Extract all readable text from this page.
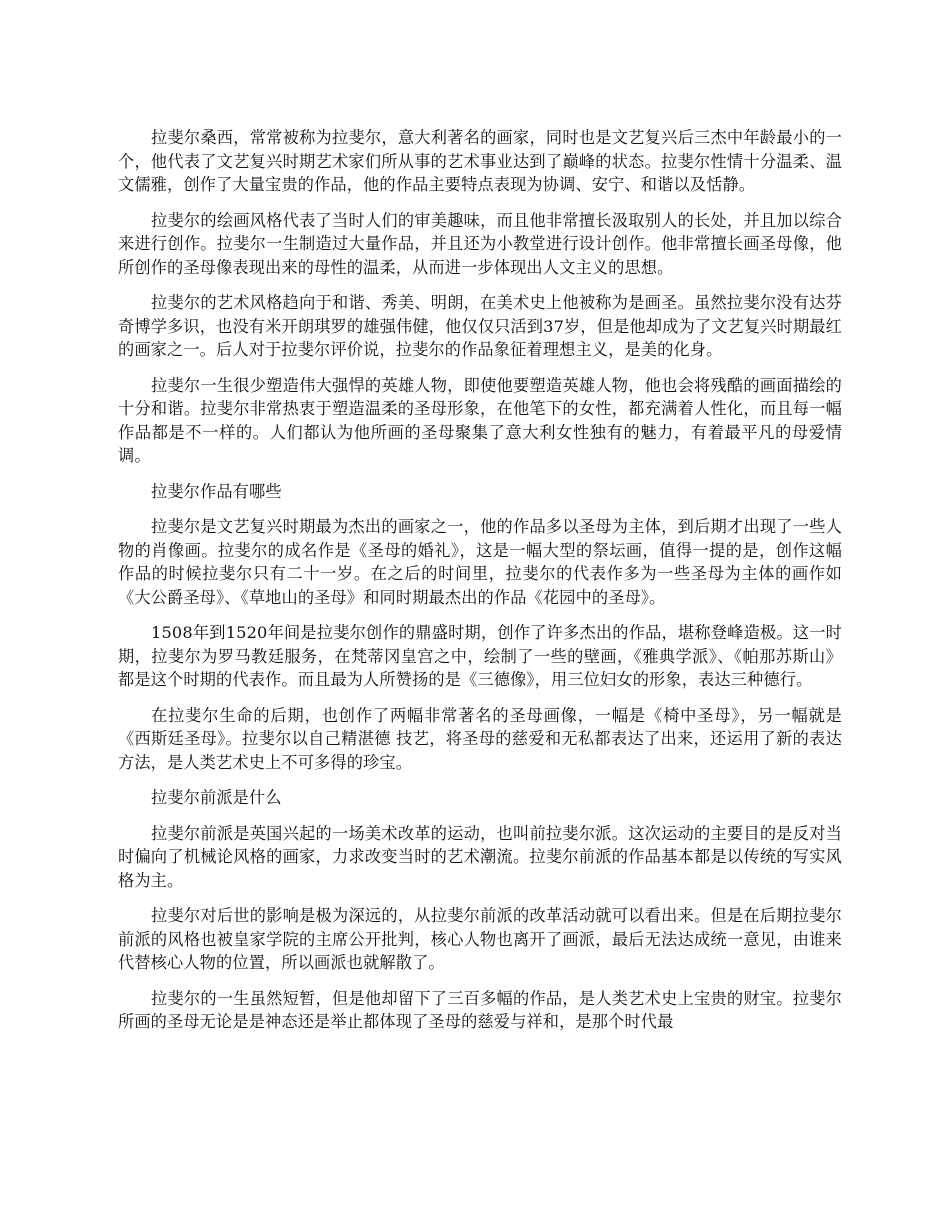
拉斐尔桑西，常常被称为拉斐尔，意大利著名的画家，同时也是文艺复兴后三杰中年龄最小的一个，他代表了文艺复兴时期艺术家们所从事的艺术事业达到了巅峰的状态。拉斐尔性情十分温柔、温文儒雅，创作了大量宝贵的作品，他的作品主要特点表现为协调、安宁、和谐以及恬静。

拉斐尔的绘画风格代表了当时人们的审美趣味，而且他非常擅长汲取别人的长处，并且加以综合来进行创作。拉斐尔一生制造过大量作品，并且还为小教堂进行设计创作。他非常擅长画圣母像，他所创作的圣母像表现出来的母性的温柔，从而进一步体现出人文主义的思想。

拉斐尔的艺术风格趋向于和谐、秀美、明朗，在美术史上他被称为是画圣。虽然拉斐尔没有达芬奇博学多识，也没有米开朗琪罗的雄强伟健，他仅仅只活到37岁，但是他却成为了文艺复兴时期最红的画家之一。后人对于拉斐尔评价说，拉斐尔的作品象征着理想主义，是美的化身。

拉斐尔一生很少塑造伟大强悍的英雄人物，即使他要塑造英雄人物，他也会将残酷的画面描绘的十分和谐。拉斐尔非常热衷于塑造温柔的圣母形象，在他笔下的女性，都充满着人性化，而且每一幅作品都是不一样的。人们都认为他所画的圣母聚集了意大利女性独有的魅力，有着最平凡的母爱情调。

拉斐尔作品有哪些

拉斐尔是文艺复兴时期最为杰出的画家之一，他的作品多以圣母为主体，到后期才出现了一些人物的肖像画。拉斐尔的成名作是《圣母的婚礼》，这是一幅大型的祭坛画，值得一提的是，创作这幅作品的时候拉斐尔只有二十一岁。在之后的时间里，拉斐尔的代表作多为一些圣母为主体的画作如《大公爵圣母》、《草地山的圣母》和同时期最杰出的作品《花园中的圣母》。

1508年到1520年间是拉斐尔创作的鼎盛时期，创作了许多杰出的作品，堪称登峰造极。这一时期，拉斐尔为罗马教廷服务，在梵蒂冈皇宫之中，绘制了一些的壁画，《雅典学派》、《帕那苏斯山》都是这个时期的代表作。而且最为人所赞扬的是《三德像》，用三位妇女的形象，表达三种德行。

在拉斐尔生命的后期，也创作了两幅非常著名的圣母画像，一幅是《椅中圣母》，另一幅就是《西斯廷圣母》。拉斐尔以自己精湛德 技艺，将圣母的慈爱和无私都表达了出来，还运用了新的表达方法，是人类艺术史上不可多得的珍宝。

拉斐尔前派是什么

拉斐尔前派是英国兴起的一场美术改革的运动，也叫前拉斐尔派。这次运动的主要目的是反对当时偏向了机械论风格的画家，力求改变当时的艺术潮流。拉斐尔前派的作品基本都是以传统的写实风格为主。

拉斐尔对后世的影响是极为深远的，从拉斐尔前派的改革活动就可以看出来。但是在后期拉斐尔前派的风格也被皇家学院的主席公开批判，核心人物也离开了画派，最后无法达成统一意见，由谁来代替核心人物的位置，所以画派也就解散了。

拉斐尔的一生虽然短暂，但是他却留下了三百多幅的作品，是人类艺术史上宝贵的财宝。拉斐尔所画的圣母无论是是神态还是举止都体现了圣母的慈爱与祥和，是那个时代最
